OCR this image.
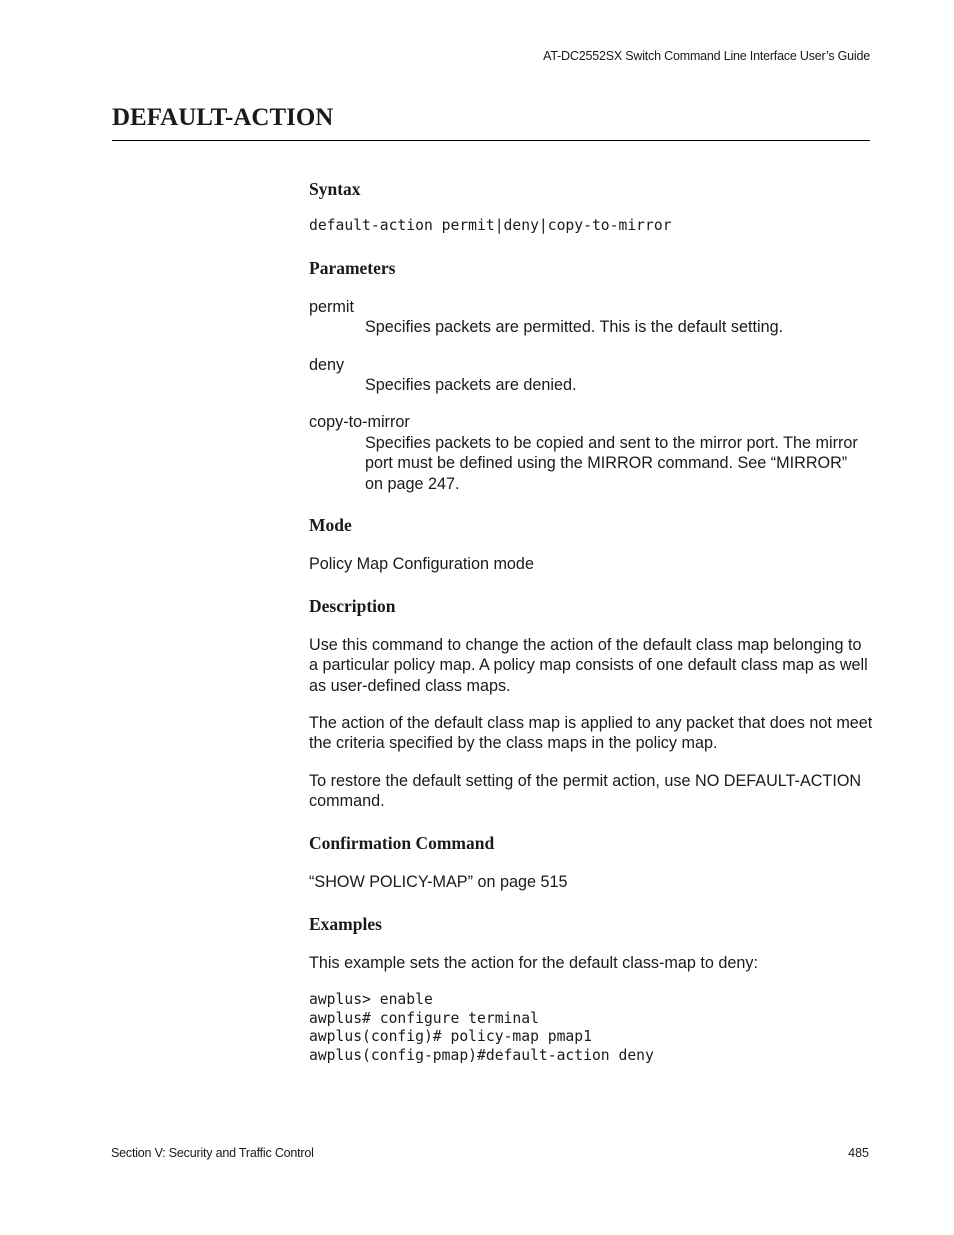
AT-DC2552SX Switch Command Line Interface User’s Guide
DEFAULT-ACTION
Syntax
default-action permit|deny|copy-to-mirror
Parameters
permit
Specifies packets are permitted. This is the default setting.
deny
Specifies packets are denied.
copy-to-mirror
Specifies packets to be copied and sent to the mirror port. The mirror port must be defined using the MIRROR command. See “MIRROR” on page 247.
Mode

Policy Map Configuration mode

Description

Use this command to change the action of the default class map belonging to a particular policy map. A policy map consists of one default class map as well as user-defined class maps.

The action of the default class map is applied to any packet that does not meet the criteria specified by the class maps in the policy map.

To restore the default setting of the permit action, use NO DEFAULT-ACTION command.

Confirmation Command

“SHOW POLICY-MAP” on page 515

Examples

This example sets the action for the default class-map to deny:

awplus> enable
awplus# configure terminal
awplus(config)# policy-map pmap1
awplus(config-pmap)#default-action deny
Section V: Security and Traffic Control	485
